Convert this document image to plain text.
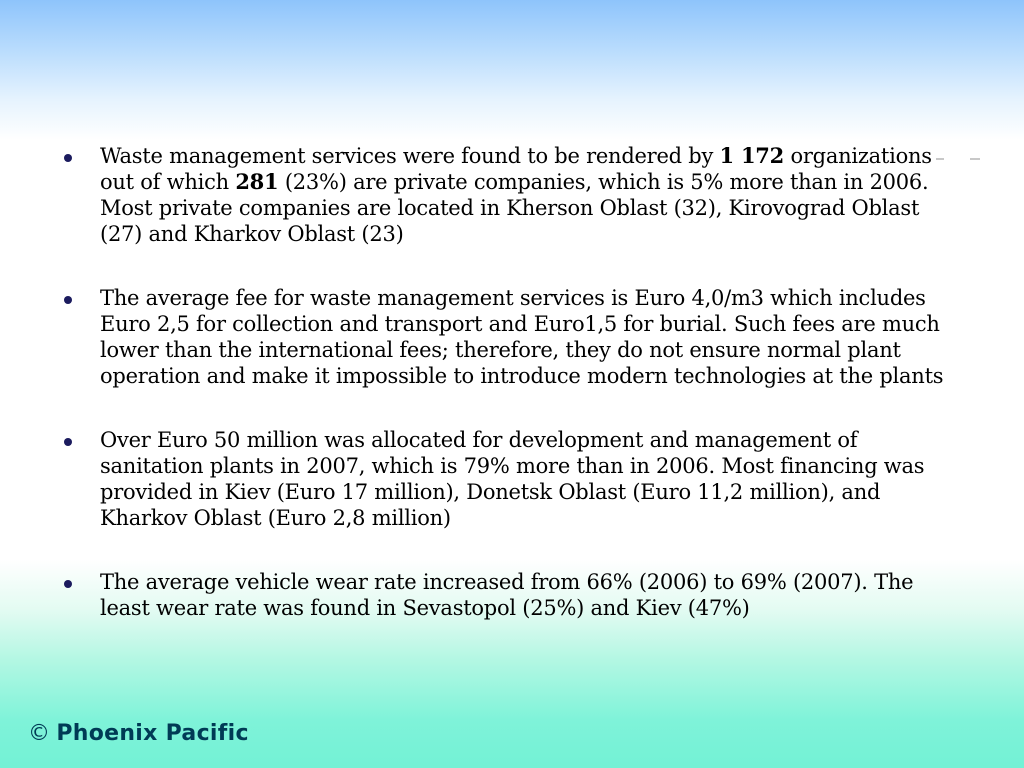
Waste management services were found to be rendered by 1 172 organizations out of which 281 (23%) are private companies, which is 5% more than in 2006. Most private companies are located in Kherson Oblast (32), Kirovograd Oblast (27) and Kharkov Oblast (23)
The average fee for waste management services is Euro 4,0/m3 which includes Euro 2,5 for collection and transport and Euro1,5 for burial. Such fees are much lower than the international fees; therefore, they do not ensure normal plant operation and make it impossible to introduce modern technologies at the plants
Over Euro 50 million was allocated for development and management of sanitation plants in 2007, which is 79% more than in 2006. Most financing was provided in Kiev (Euro 17 million), Donetsk Oblast (Euro 11,2 million), and Kharkov Oblast (Euro 2,8 million)
The average vehicle wear rate increased from 66% (2006) to 69% (2007). The least wear rate was found in Sevastopol (25%) and Kiev (47%)
© Phoenix Pacific
